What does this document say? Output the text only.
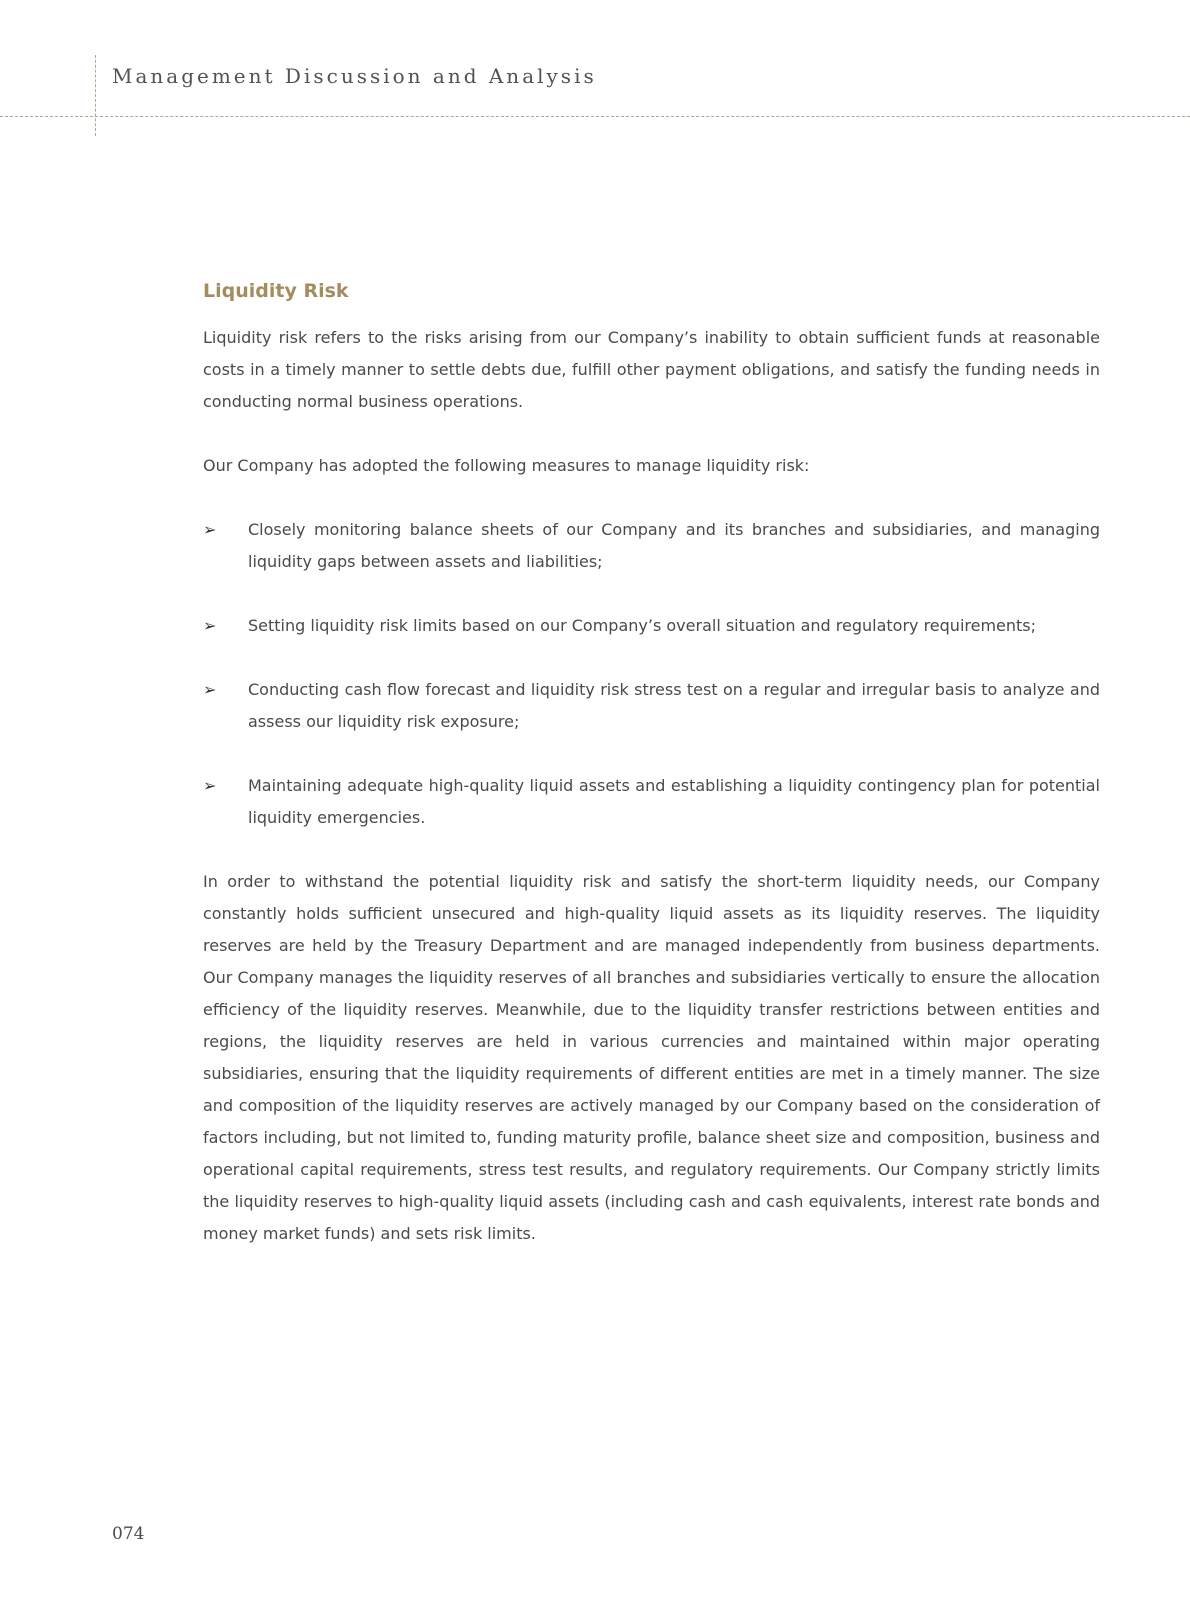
Management Discussion and Analysis
Liquidity Risk

Liquidity risk refers to the risks arising from our Company’s inability to obtain sufficient funds at reasonable costs in a timely manner to settle debts due, fulfill other payment obligations, and satisfy the funding needs in conducting normal business operations.

Our Company has adopted the following measures to manage liquidity risk:

➢ Closely monitoring balance sheets of our Company and its branches and subsidiaries, and managing liquidity gaps between assets and liabilities;
➢ Setting liquidity risk limits based on our Company’s overall situation and regulatory requirements;
➢ Conducting cash flow forecast and liquidity risk stress test on a regular and irregular basis to analyze and assess our liquidity risk exposure;
➢ Maintaining adequate high-quality liquid assets and establishing a liquidity contingency plan for potential liquidity emergencies.

In order to withstand the potential liquidity risk and satisfy the short-term liquidity needs, our Company constantly holds sufficient unsecured and high-quality liquid assets as its liquidity reserves. The liquidity reserves are held by the Treasury Department and are managed independently from business departments. Our Company manages the liquidity reserves of all branches and subsidiaries vertically to ensure the allocation efficiency of the liquidity reserves. Meanwhile, due to the liquidity transfer restrictions between entities and regions, the liquidity reserves are held in various currencies and maintained within major operating subsidiaries, ensuring that the liquidity requirements of different entities are met in a timely manner. The size and composition of the liquidity reserves are actively managed by our Company based on the consideration of factors including, but not limited to, funding maturity profile, balance sheet size and composition, business and operational capital requirements, stress test results, and regulatory requirements. Our Company strictly limits the liquidity reserves to high-quality liquid assets (including cash and cash equivalents, interest rate bonds and money market funds) and sets risk limits.

074
